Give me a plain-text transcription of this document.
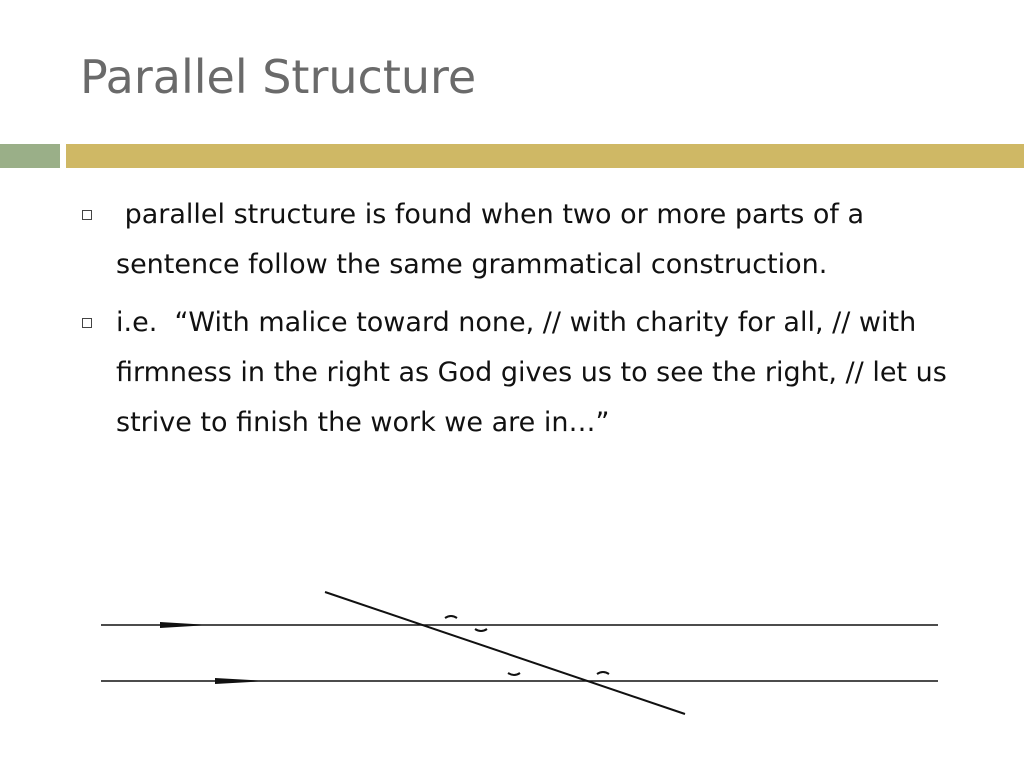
Parallel Structure
parallel structure is found when two or more parts of a sentence follow the same grammatical construction.
i.e.  “With malice toward none, // with charity for all, // with firmness in the right as God gives us to see the right, // let us strive to finish the work we are in…”
